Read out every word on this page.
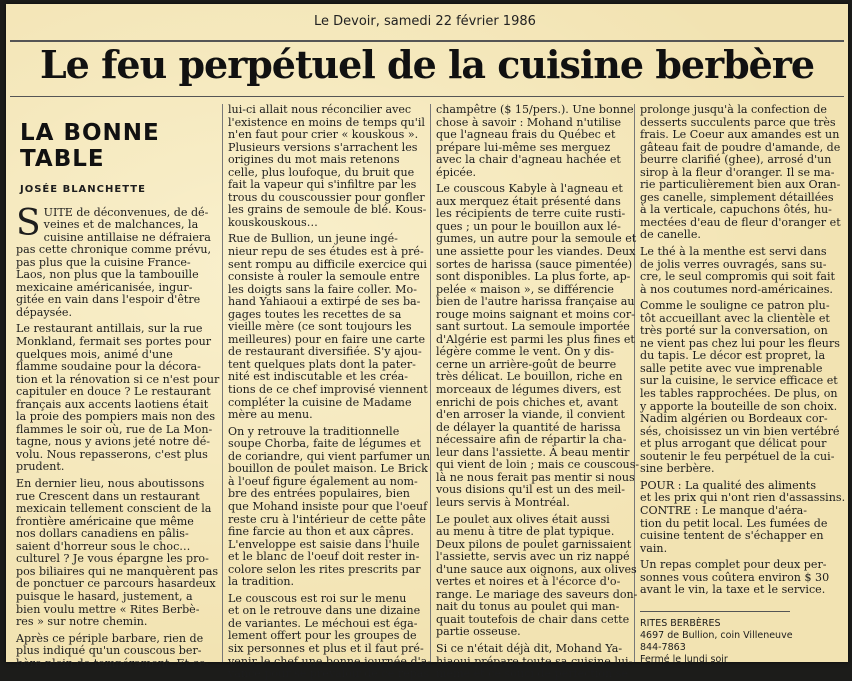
Le Devoir, samedi 22 février 1986
Le feu perpétuel de la cuisine berbère
LA BONNE
TABLE
JOSÉE BLANCHETTE
S UITE de déconvenues, de dé-
veines et de malchances, la
cuisine antillaise ne défraiera
pas cette chronique comme prévu,
pas plus que la cuisine France-
Laos, non plus que la tambouille
mexicaine américanisée, ingur-
gitée en vain dans l'espoir d'être
dépaysée.
Le restaurant antillais, sur la rue
Monkland, fermait ses portes pour
quelques mois, animé d'une
flamme soudaine pour la décora-
tion et la rénovation si ce n'est pour
capituler en douce ? Le restaurant
français aux accents laotiens était
la proie des pompiers mais non des
flammes le soir où, rue de La Mon-
tagne, nous y avions jeté notre dé-
volu. Nous repasserons, c'est plus
prudent.
En dernier lieu, nous aboutissons
rue Crescent dans un restaurant
mexicain tellement conscient de la
frontière américaine que même
nos dollars canadiens en pâlis-
saient d'horreur sous le choc…
culturel ? Je vous épargne les pro-
pos biliaires qui ne manquèrent pas
de ponctuer ce parcours hasardeux
puisque le hasard, justement, a
bien voulu mettre « Rites Berbè-
res » sur notre chemin.
Après ce périple barbare, rien de
plus indiqué qu'un couscous ber-
bère plein de tempérament. Et ce-
lui-ci allait nous réconcilier avec
l'existence en moins de temps qu'il
n'en faut pour crier « kouskous ».
Plusieurs versions s'arrachent les
origines du mot mais retenons
celle, plus loufoque, du bruit que
fait la vapeur qui s'infiltre par les
trous du couscoussier pour gonfler
les grains de semoule de blé. Kous-
kouskouskous…
Rue de Bullion, un jeune ingé-
nieur repu de ses études est à pré-
sent rompu au difficile exercice qui
consiste à rouler la semoule entre
les doigts sans la faire coller. Mo-
hand Yahiaoui a extirpé de ses ba-
gages toutes les recettes de sa
vieille mère (ce sont toujours les
meilleures) pour en faire une carte
de restaurant diversifiée. S'y ajou-
tent quelques plats dont la pater-
nité est indiscutable et les créa-
tions de ce chef improvisé viennent
compléter la cuisine de Madame
mère au menu.
On y retrouve la traditionnelle
soupe Chorba, faite de légumes et
de coriandre, qui vient parfumer un
bouillon de poulet maison. Le Brick
à l'oeuf figure également au nom-
bre des entrées populaires, bien
que Mohand insiste pour que l'oeuf
reste cru à l'intérieur de cette pâte
fine farcie au thon et aux câpres.
L'enveloppe est saisie dans l'huile
et le blanc de l'oeuf doit rester in-
colore selon les rites prescrits par
la tradition.
Le couscous est roi sur le menu
et on le retrouve dans une dizaine
de variantes. Le méchoui est éga-
lement offert pour les groupes de
six personnes et plus et il faut pré-
venir le chef une bonne journée d'a-
vance pour se prévaloir de ce repas
champêtre ($ 15/pers.). Une bonne
chose à savoir : Mohand n'utilise
que l'agneau frais du Québec et
prépare lui-même ses merguez
avec la chair d'agneau hachée et
épicée.
Le couscous Kabyle à l'agneau et
aux merquez était présenté dans
les récipients de terre cuite rusti-
ques ; un pour le bouillon aux lé-
gumes, un autre pour la semoule et
une assiette pour les viandes. Deux
sortes de harissa (sauce pimentée)
sont disponibles. La plus forte, ap-
pelée « maison », se différencie
bien de l'autre harissa française au
rouge moins saignant et moins cor-
sant surtout. La semoule importée
d'Algérie est parmi les plus fines et
légère comme le vent. On y dis-
cerne un arrière-goût de beurre
très délicat. Le bouillon, riche en
morceaux de légumes divers, est
enrichi de pois chiches et, avant
d'en arroser la viande, il convient
de délayer la quantité de harissa
nécessaire afin de répartir la cha-
leur dans l'assiette. À beau mentir
qui vient de loin ; mais ce couscous-
là ne nous ferait pas mentir si nous
vous disions qu'il est un des meil-
leurs servis à Montréal.
Le poulet aux olives était aussi
au menu à titre de plat typique.
Deux pilons de poulet garnissaient
l'assiette, servis avec un riz nappé
d'une sauce aux oignons, aux olives
vertes et noires et à l'écorce d'o-
range. Le mariage des saveurs don-
nait du tonus au poulet qui man-
quait toutefois de chair dans cette
partie osseuse.
Si ce n'était déjà dit, Mohand Ya-
hiaoui prépare toute sa cuisine lui-
même et ce souci de perfection se
prolonge jusqu'à la confection de
desserts succulents parce que très
frais. Le Coeur aux amandes est un
gâteau fait de poudre d'amande, de
beurre clarifié (ghee), arrosé d'un
sirop à la fleur d'oranger. Il se ma-
rie particulièrement bien aux Oran-
ges canelle, simplement détaillées
à la verticale, capuchons ôtés, hu-
mectées d'eau de fleur d'oranger et
de canelle.
Le thé à la menthe est servi dans
de jolis verres ouvragés, sans su-
cre, le seul compromis qui soit fait
à nos coutumes nord-américaines.
Comme le souligne ce patron plu-
tôt accueillant avec la clientèle et
très porté sur la conversation, on
ne vient pas chez lui pour les fleurs
du tapis. Le décor est propret, la
salle petite avec vue imprenable
sur la cuisine, le service efficace et
les tables rapprochées. De plus, on
y apporte la bouteille de son choix.
Nadim algérien ou Bordeaux cor-
sés, choisissez un vin bien vertébré
et plus arrogant que délicat pour
soutenir le feu perpétuel de la cui-
sine berbère.
POUR : La qualité des aliments
et les prix qui n'ont rien d'assassins.
CONTRE : Le manque d'aéra-
tion du petit local. Les fumées de
cuisine tentent de s'échapper en
vain.
Un repas complet pour deux per-
sonnes vous coûtera environ $ 30
avant le vin, la taxe et le service.
RITES BERBÈRES
4697 de Bullion, coin Villeneuve
844-7863
Fermé le lundi soir
